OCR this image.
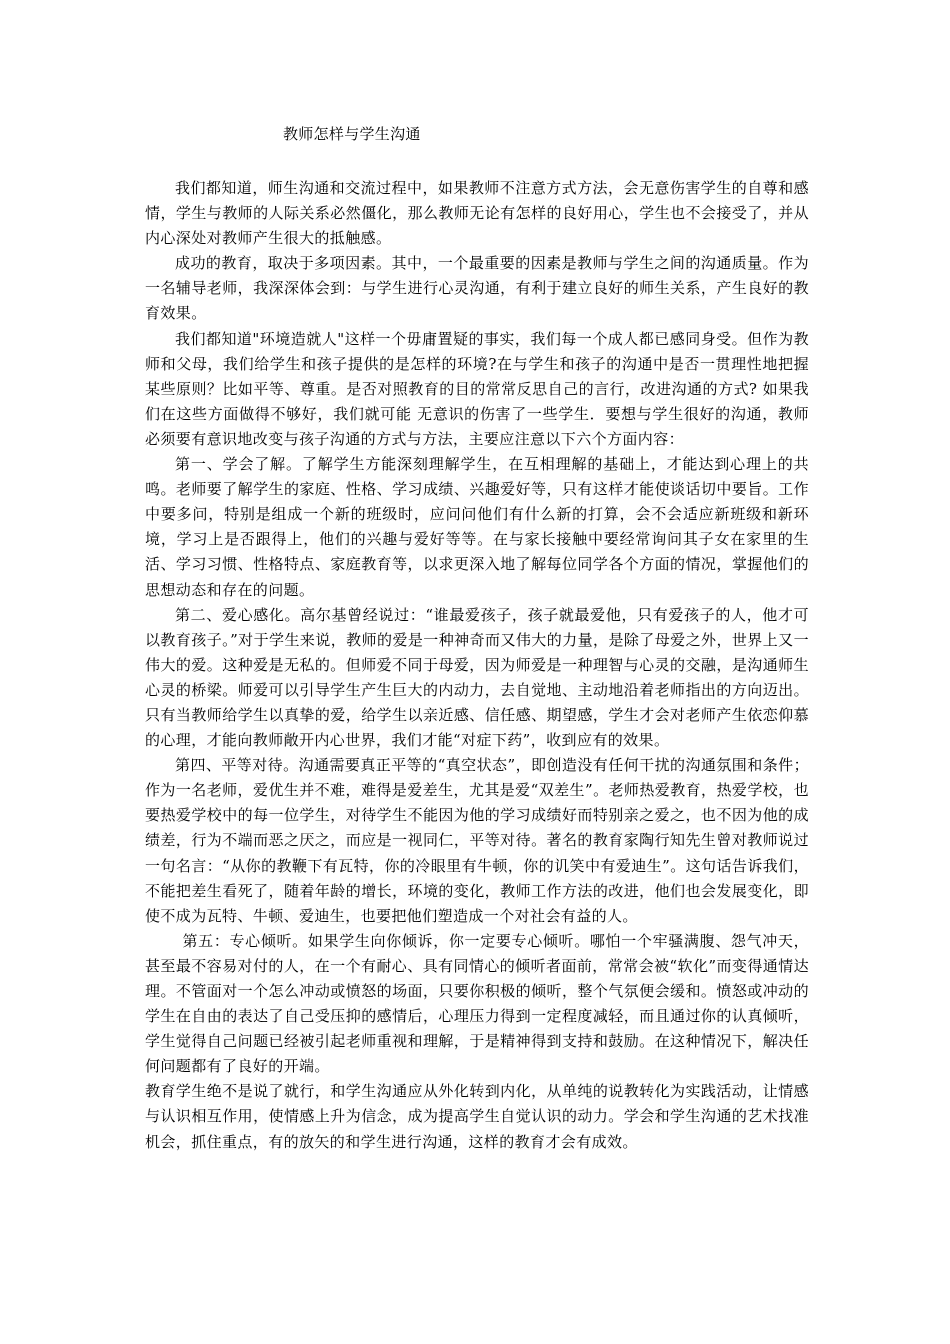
教师怎样与学生沟通

我们都知道，师生沟通和交流过程中，如果教师不注意方式方法，会无意伤害学生的自尊和感情，学生与教师的人际关系必然僵化，那么教师无论有怎样的良好用心，学生也不会接受了，并从内心深处对教师产生很大的抵触感。

成功的教育，取决于多项因素。其中，一个最重要的因素是教师与学生之间的沟通质量。作为一名辅导老师，我深深体会到：与学生进行心灵沟通，有利于建立良好的师生关系，产生良好的教育效果。

我们都知道"环境造就人"这样一个毋庸置疑的事实，我们每一个成人都已感同身受。但作为教师和父母，我们给学生和孩子提供的是怎样的环境?在与学生和孩子的沟通中是否一贯理性地把握某些原则？比如平等、尊重。是否对照教育的目的常常反思自己的言行，改进沟通的方式? 如果我们在这些方面做得不够好，我们就可能 无意识的伤害了一些学生．要想与学生很好的沟通，教师必须要有意识地改变与孩子沟通的方式与方法，主要应注意以下六个方面内容：

第一、学会了解。了解学生方能深刻理解学生，在互相理解的基础上，才能达到心理上的共鸣。老师要了解学生的家庭、性格、学习成绩、兴趣爱好等，只有这样才能使谈话切中要旨。工作中要多问，特别是组成一个新的班级时，应问问他们有什么新的打算，会不会适应新班级和新环境，学习上是否跟得上，他们的兴趣与爱好等等。在与家长接触中要经常询问其子女在家里的生活、学习习惯、性格特点、家庭教育等，以求更深入地了解每位同学各个方面的情况，掌握他们的思想动态和存在的问题。

第二、爱心感化。高尔基曾经说过：“谁最爱孩子，孩子就最爱他，只有爱孩子的人，他才可以教育孩子。”对于学生来说，教师的爱是一种神奇而又伟大的力量，是除了母爱之外，世界上又一伟大的爱。这种爱是无私的。但师爱不同于母爱，因为师爱是一种理智与心灵的交融，是沟通师生心灵的桥梁。师爱可以引导学生产生巨大的内动力，去自觉地、主动地沿着老师指出的方向迈出。只有当教师给学生以真挚的爱，给学生以亲近感、信任感、期望感，学生才会对老师产生依恋仰慕的心理，才能向教师敞开内心世界，我们才能“对症下药”，收到应有的效果。

第四、平等对待。沟通需要真正平等的“真空状态”，即创造没有任何干扰的沟通氛围和条件；作为一名老师，爱优生并不难，难得是爱差生，尤其是爱“双差生”。老师热爱教育，热爱学校，也要热爱学校中的每一位学生，对待学生不能因为他的学习成绩好而特别亲之爱之，也不因为他的成绩差，行为不端而恶之厌之，而应是一视同仁，平等对待。著名的教育家陶行知先生曾对教师说过一句名言：“从你的教鞭下有瓦特，你的冷眼里有牛顿，你的讥笑中有爱迪生”。这句话告诉我们，不能把差生看死了，随着年龄的增长，环境的变化，教师工作方法的改进，他们也会发展变化，即使不成为瓦特、牛顿、爱迪生，也要把他们塑造成一个对社会有益的人。

第五：专心倾听。如果学生向你倾诉，你一定要专心倾听。哪怕一个牢骚满腹、怨气冲天，甚至最不容易对付的人，在一个有耐心、具有同情心的倾听者面前，常常会被“软化”而变得通情达理。不管面对一个怎么冲动或愤怒的场面，只要你积极的倾听，整个气氛便会缓和。愤怒或冲动的学生在自由的表达了自己受压抑的感情后，心理压力得到一定程度减轻，而且通过你的认真倾听，学生觉得自己问题已经被引起老师重视和理解，于是精神得到支持和鼓励。在这种情况下，解决任何问题都有了良好的开端。

教育学生绝不是说了就行，和学生沟通应从外化转到内化，从单纯的说教转化为实践活动，让情感与认识相互作用，使情感上升为信念，成为提高学生自觉认识的动力。学会和学生沟通的艺术找准机会，抓住重点，有的放矢的和学生进行沟通，这样的教育才会有成效。
